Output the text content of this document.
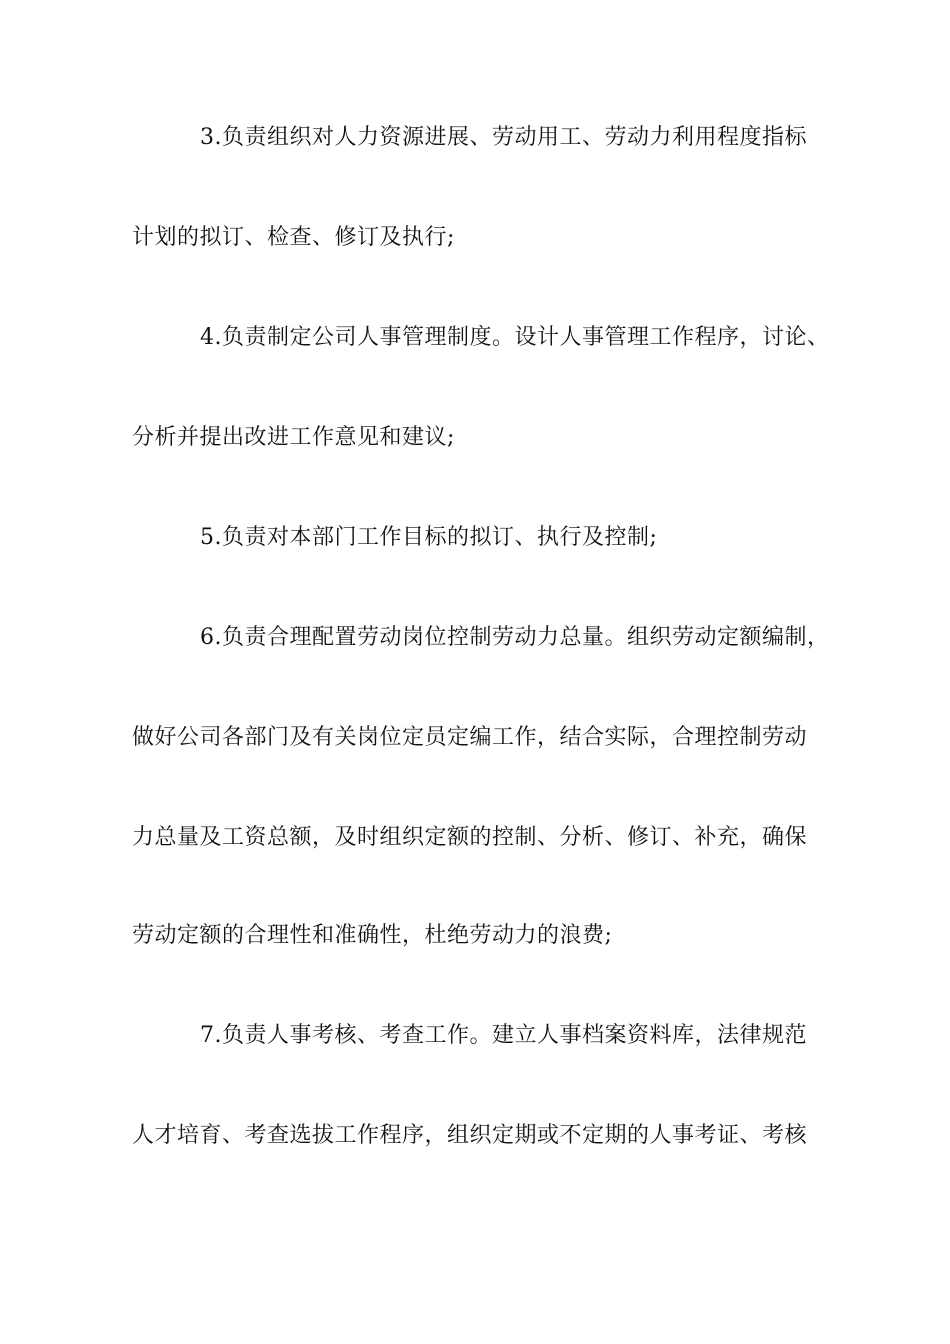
3.负责组织对人力资源进展、劳动用工、劳动力利用程度指标
计划的拟订、检查、修订及执行;
4.负责制定公司人事管理制度。设计人事管理工作程序，讨论、
分析并提出改进工作意见和建议;
5.负责对本部门工作目标的拟订、执行及控制;
6.负责合理配置劳动岗位控制劳动力总量。组织劳动定额编制，
做好公司各部门及有关岗位定员定编工作，结合实际，合理控制劳动
力总量及工资总额，及时组织定额的控制、分析、修订、补充，确保
劳动定额的合理性和准确性，杜绝劳动力的浪费;
7.负责人事考核、考查工作。建立人事档案资料库，法律规范
人才培育、考查选拔工作程序，组织定期或不定期的人事考证、考核
